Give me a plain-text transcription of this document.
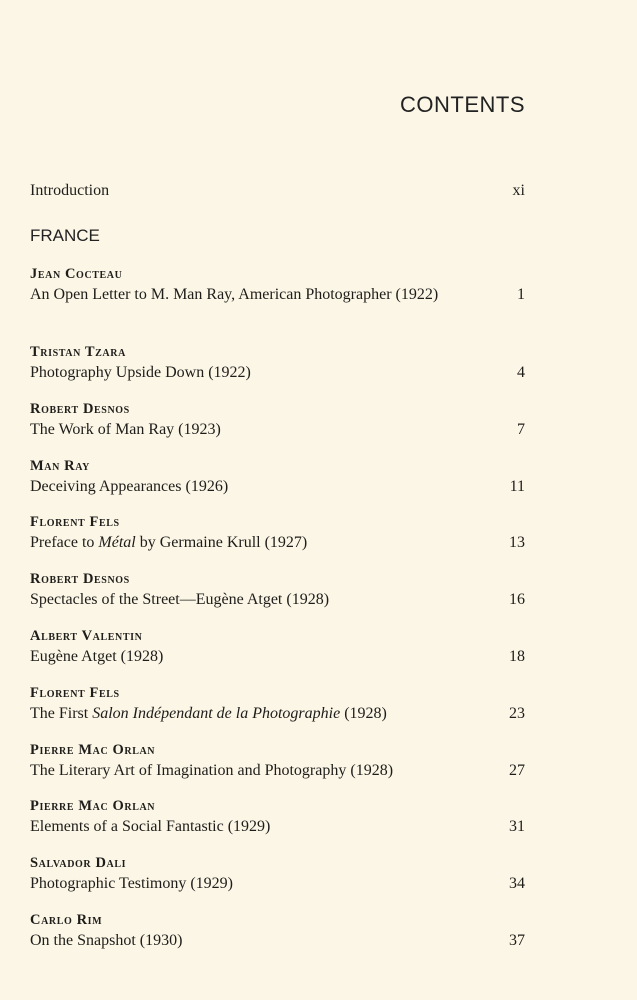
CONTENTS
Introduction	xi
FRANCE
Jean Cocteau
An Open Letter to M. Man Ray, American Photographer (1922)	1
Tristan Tzara
Photography Upside Down (1922)	4
Robert Desnos
The Work of Man Ray (1923)	7
Man Ray
Deceiving Appearances (1926)	11
Florent Fels
Preface to Métal by Germaine Krull (1927)	13
Robert Desnos
Spectacles of the Street—Eugène Atget (1928)	16
Albert Valentin
Eugène Atget (1928)	18
Florent Fels
The First Salon Indépendant de la Photographie (1928)	23
Pierre Mac Orlan
The Literary Art of Imagination and Photography (1928)	27
Pierre Mac Orlan
Elements of a Social Fantastic (1929)	31
Salvador Dali
Photographic Testimony (1929)	34
Carlo Rim
On the Snapshot (1930)	37
